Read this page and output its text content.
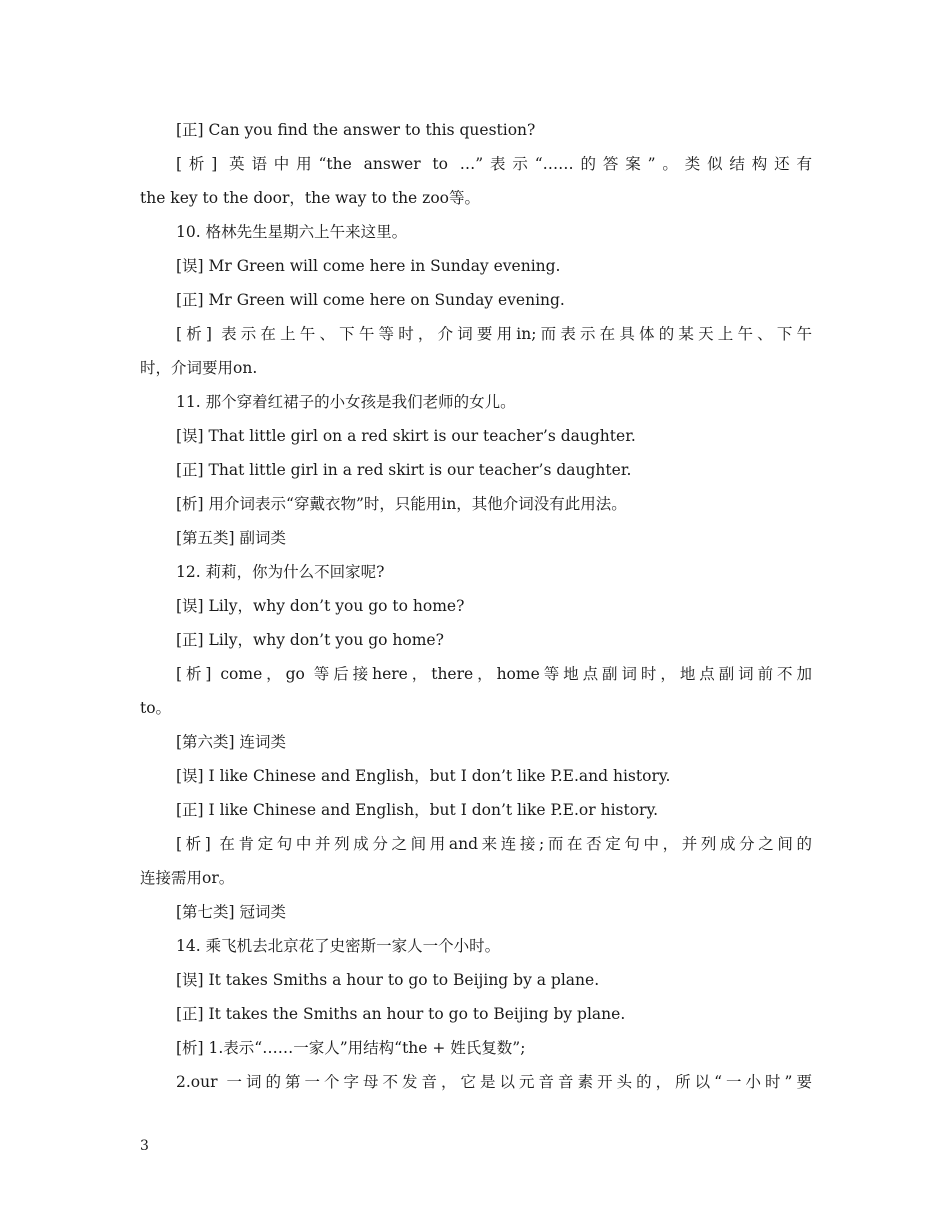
[正] Can you find the answer to this question?
[析] 英语中用“the answer to …”表示“……的答案”。类似结构还有
the key to the door，the way to the zoo等。
10. 格林先生星期六上午来这里。
[误] Mr Green will come here in Sunday evening.
[正] Mr Green will come here on Sunday evening.
[析] 表示在上午、下午等时，介词要用in;而表示在具体的某天上午、下午
时，介词要用on.
11. 那个穿着红裙子的小女孩是我们老师的女儿。
[误] That little girl on a red skirt is our teacher’s daughter.
[正] That little girl in a red skirt is our teacher’s daughter.
[析] 用介词表示“穿戴衣物”时，只能用in，其他介词没有此用法。
[第五类] 副词类
12. 莉莉，你为什么不回家呢?
[误] Lily，why don’t you go to home?
[正] Lily，why don’t you go home?
[析] come，go 等后接here，there，home等地点副词时，地点副词前不加
to。
[第六类] 连词类
[误] I like Chinese and English，but I don’t like P.E.and history.
[正] I like Chinese and English，but I don’t like P.E.or history.
[析] 在肯定句中并列成分之间用and来连接;而在否定句中，并列成分之间的
连接需用or。
[第七类] 冠词类
14. 乘飞机去北京花了史密斯一家人一个小时。
[误] It takes Smiths a hour to go to Beijing by a plane.
[正] It takes the Smiths an hour to go to Beijing by plane.
[析] 1.表示“……一家人”用结构“the + 姓氏复数”;
2.our 一词的第一个字母不发音，它是以元音音素开头的，所以“一小时”要
3
